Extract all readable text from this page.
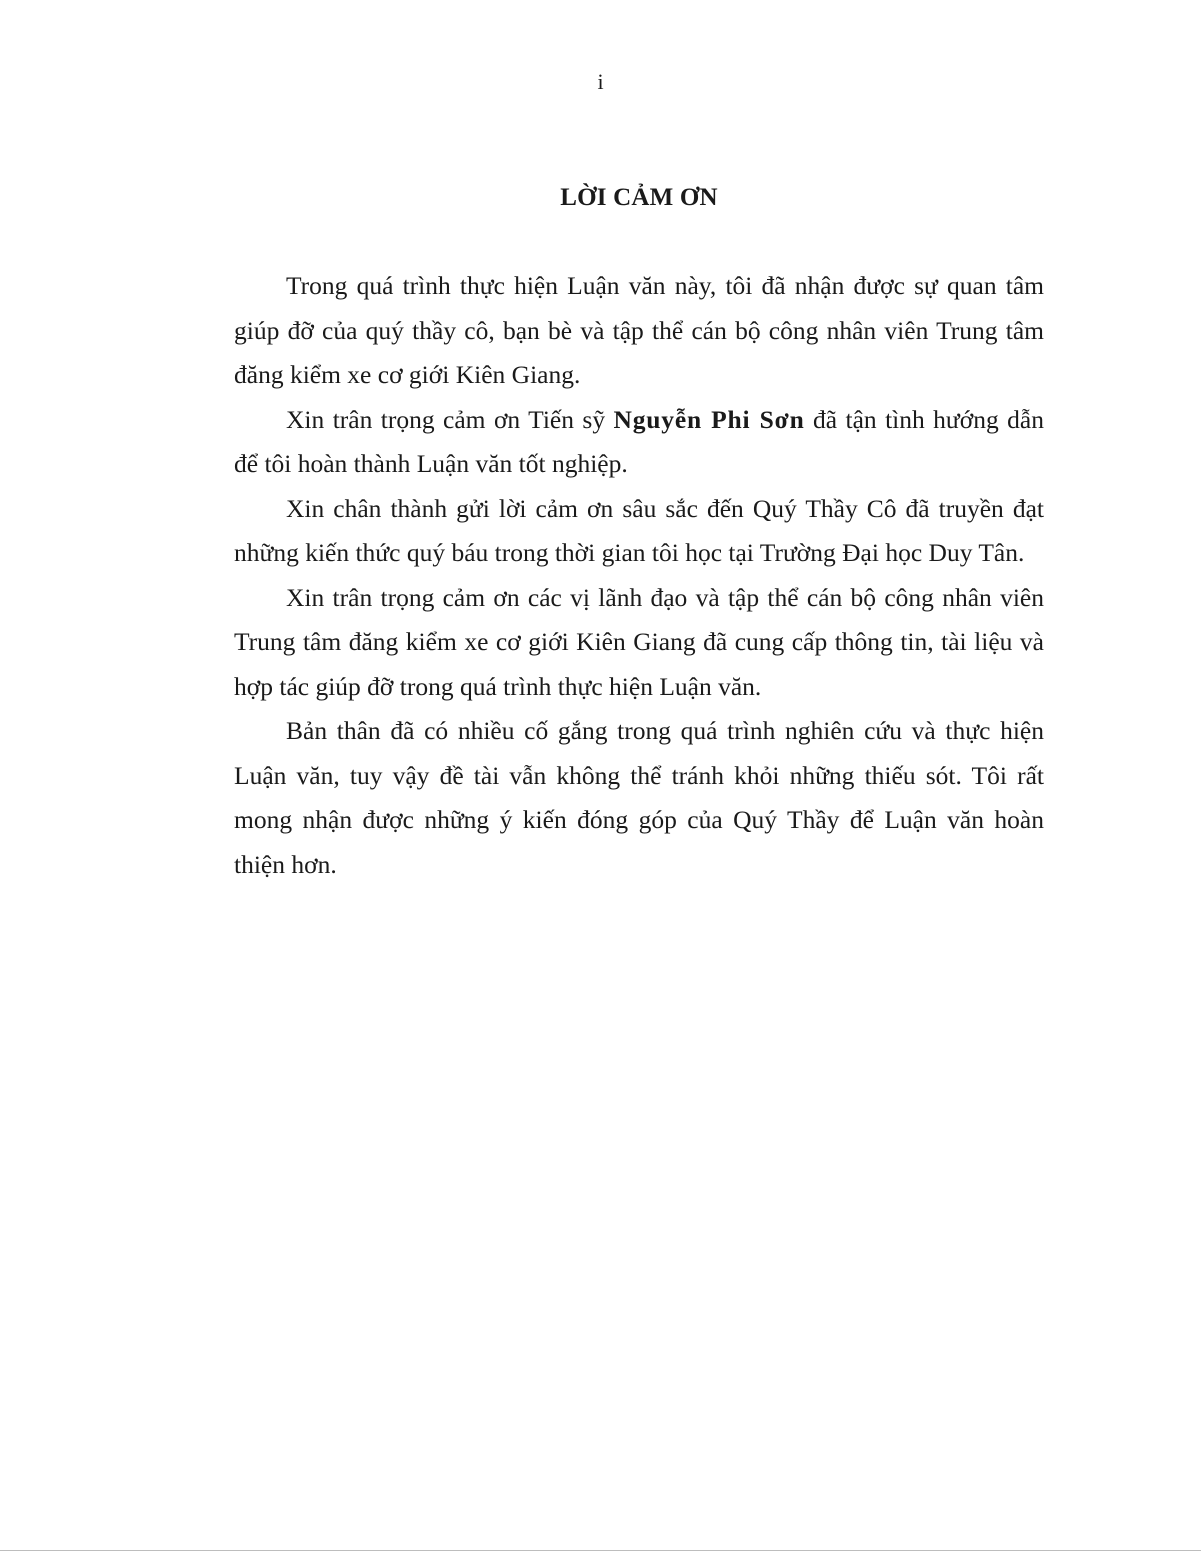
i
LỜI CẢM ƠN

Trong quá trình thực hiện Luận văn này, tôi đã nhận được sự quan tâm giúp đỡ của quý thầy cô, bạn bè và tập thể cán bộ công nhân viên Trung tâm đăng kiểm xe cơ giới Kiên Giang.

Xin trân trọng cảm ơn Tiến sỹ Nguyễn Phi Sơn đã tận tình hướng dẫn để tôi hoàn thành Luận văn tốt nghiệp.

Xin chân thành gửi lời cảm ơn sâu sắc đến Quý Thầy Cô đã truyền đạt những kiến thức quý báu trong thời gian tôi học tại Trường Đại học Duy Tân.

Xin trân trọng cảm ơn các vị lãnh đạo và tập thể cán bộ công nhân viên Trung tâm đăng kiểm xe cơ giới Kiên Giang đã cung cấp thông tin, tài liệu và hợp tác giúp đỡ trong quá trình thực hiện Luận văn.

Bản thân đã có nhiều cố gắng trong quá trình nghiên cứu và thực hiện Luận văn, tuy vậy đề tài vẫn không thể tránh khỏi những thiếu sót. Tôi rất mong nhận được những ý kiến đóng góp của Quý Thầy để Luận văn hoàn thiện hơn.
